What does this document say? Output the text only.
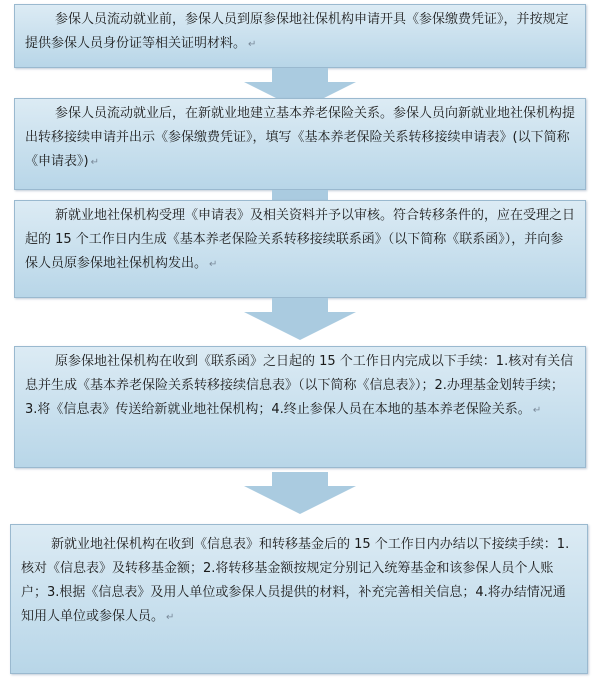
参保人员流动就业前，参保人员到原参保地社保机构申请开具《参保缴费凭证》，并按规定提供参保人员身份证等相关证明材料。 ↵
参保人员流动就业后，在新就业地建立基本养老保险关系。参保人员向新就业地社保机构提出转移接续申请并出示《参保缴费凭证》，填写《基本养老保险关系转移接续申请表》(以下简称《申请表》) ↵
新就业地社保机构受理《申请表》及相关资料并予以审核。符合转移条件的，应在受理之日起的 15 个工作日内生成《基本养老保险关系转移接续联系函》（以下简称《联系函》），并向参保人员原参保地社保机构发出。 ↵
原参保地社保机构在收到《联系函》之日起的 15 个工作日内完成以下手续：1.核对有关信息并生成《基本养老保险关系转移接续信息表》（以下简称《信息表》）；2.办理基金划转手续；3.将《信息表》传送给新就业地社保机构；4.终止参保人员在本地的基本养老保险关系。 ↵
新就业地社保机构在收到《信息表》和转移基金后的 15 个工作日内办结以下接续手续：1.核对《信息表》及转移基金额；2.将转移基金额按规定分别记入统筹基金和该参保人员个人账户；3.根据《信息表》及用人单位或参保人员提供的材料，补充完善相关信息；4.将办结情况通知用人单位或参保人员。 ↵
